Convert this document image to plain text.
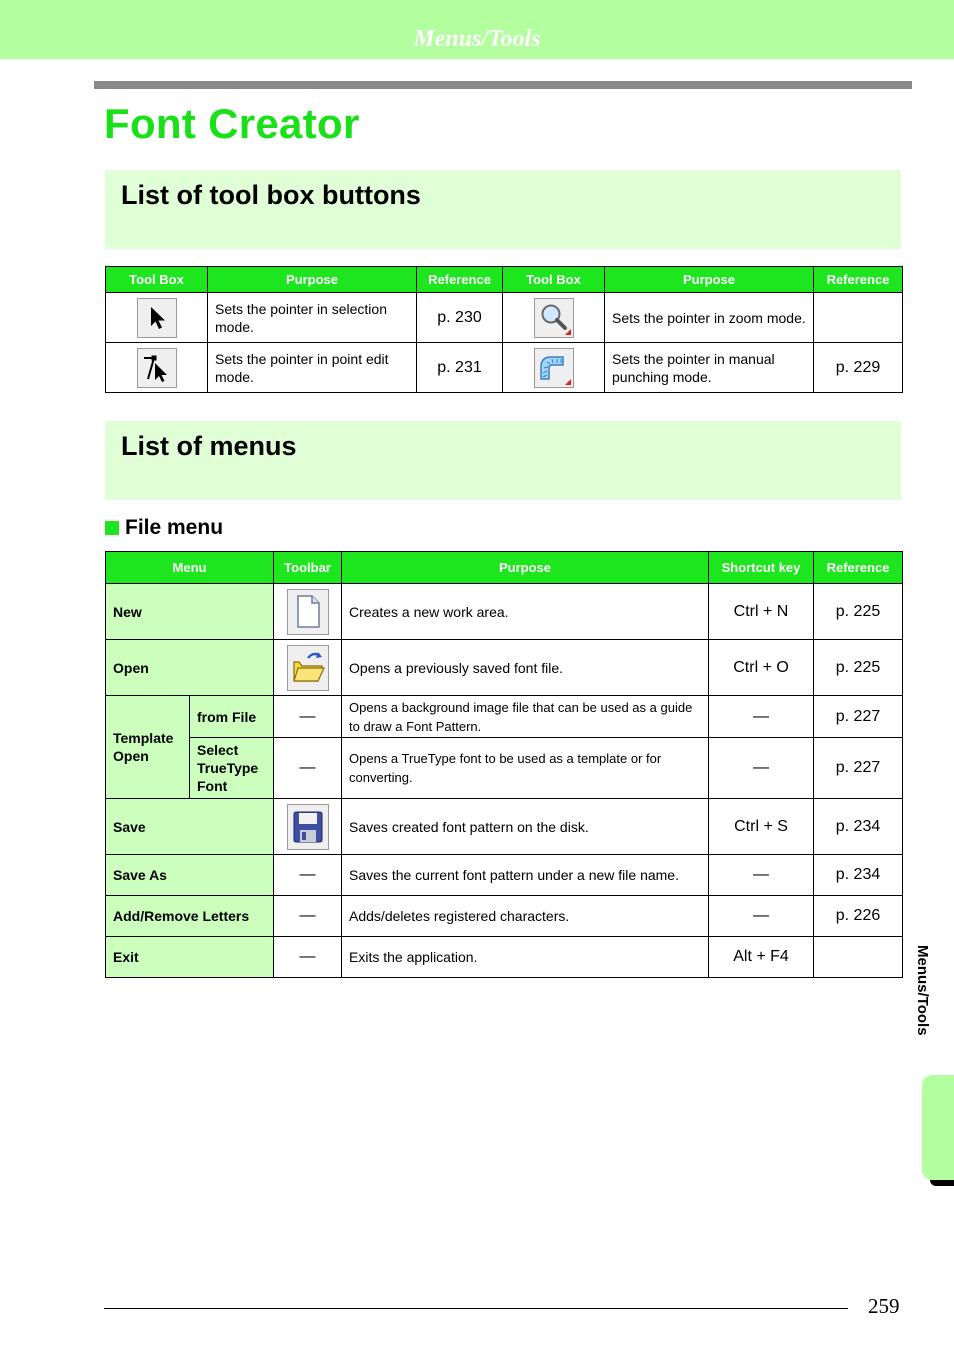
Menus/Tools
Font Creator
List of tool box buttons
Tool Box	Purpose	Reference	Tool Box	Purpose	Reference

	Sets the pointer in selection mode.	p. 230		Sets the pointer in zoom mode.	

	Sets the pointer in point edit mode.	p. 231		Sets the pointer in manual punching mode.	p. 229
List of menus
File menu
Menu		Toolbar	Purpose	Shortcut key	Reference
New			Creates a new work area.	Ctrl + N	p. 225
Open			Opens a previously saved font file.	Ctrl + O	p. 225
Template Open	from File	—	Opens a background image file that can be used as a guide to draw a Font Pattern.	—	p. 227
	Select TrueType Font	—	Opens a TrueType font to be used as a template or for converting.	—	p. 227
Save			Saves created font pattern on the disk.	Ctrl + S	p. 234
Save As		—	Saves the current font pattern under a new file name.	—	p. 234
Add/Remove Letters		—	Adds/deletes registered characters.	—	p. 226
Exit		—	Exits the application.	Alt + F4		Menus/Tools
259
